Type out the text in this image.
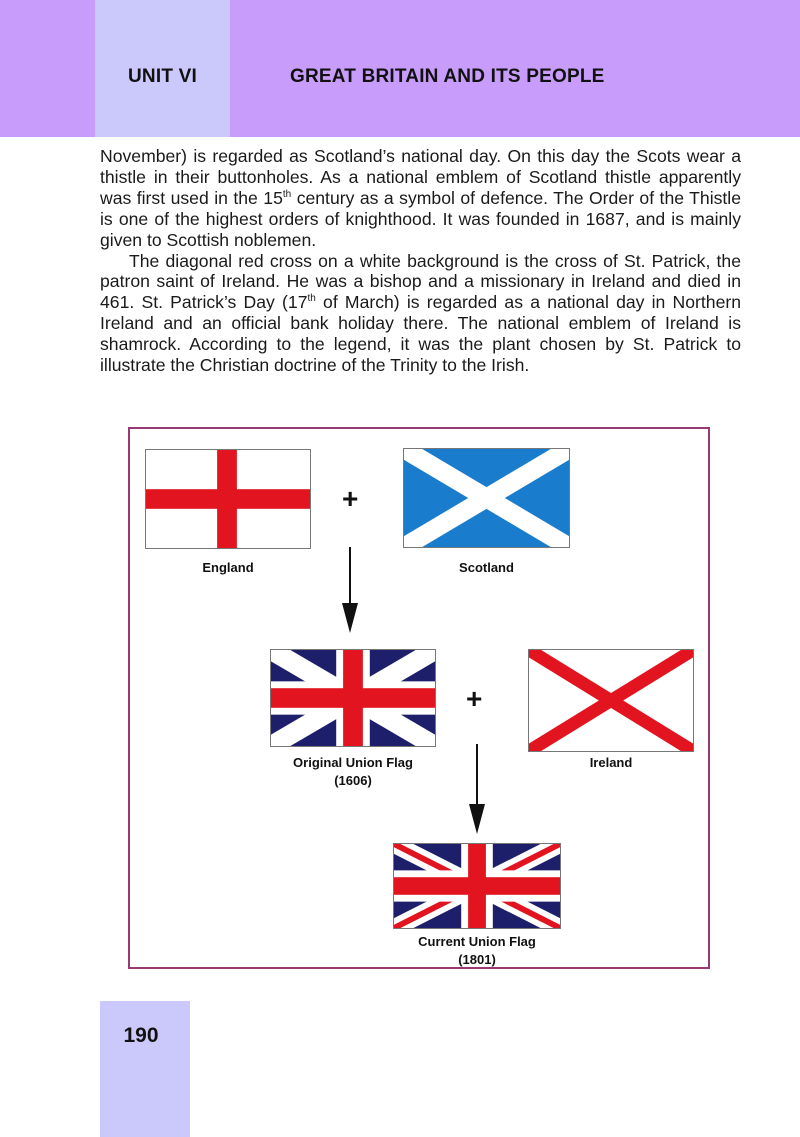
UNIT VI	GREAT BRITAIN AND ITS PEOPLE

November) is regarded as Scotland’s national day. On this day the Scots wear a thistle in their buttonholes. As a national emblem of Scotland thistle apparently was first used in the 15th century as a symbol of defence. The Order of the Thistle is one of the highest orders of knighthood. It was founded in 1687, and is mainly given to Scottish noblemen.

The diagonal red cross on a white background is the cross of St. Patrick, the patron saint of Ireland. He was a bishop and a missionary in Ireland and died in 461. St. Patrick’s Day (17th of March) is regarded as a national day in Northern Ireland and an official bank holiday there. The national emblem of Ireland is shamrock. According to the legend, it was the plant chosen by St. Patrick to illustrate the Christian doctrine of the Trinity to the Irish.

England
+
Scotland
Original Union Flag
(1606)
+
Ireland
Current Union Flag
(1801)
190
